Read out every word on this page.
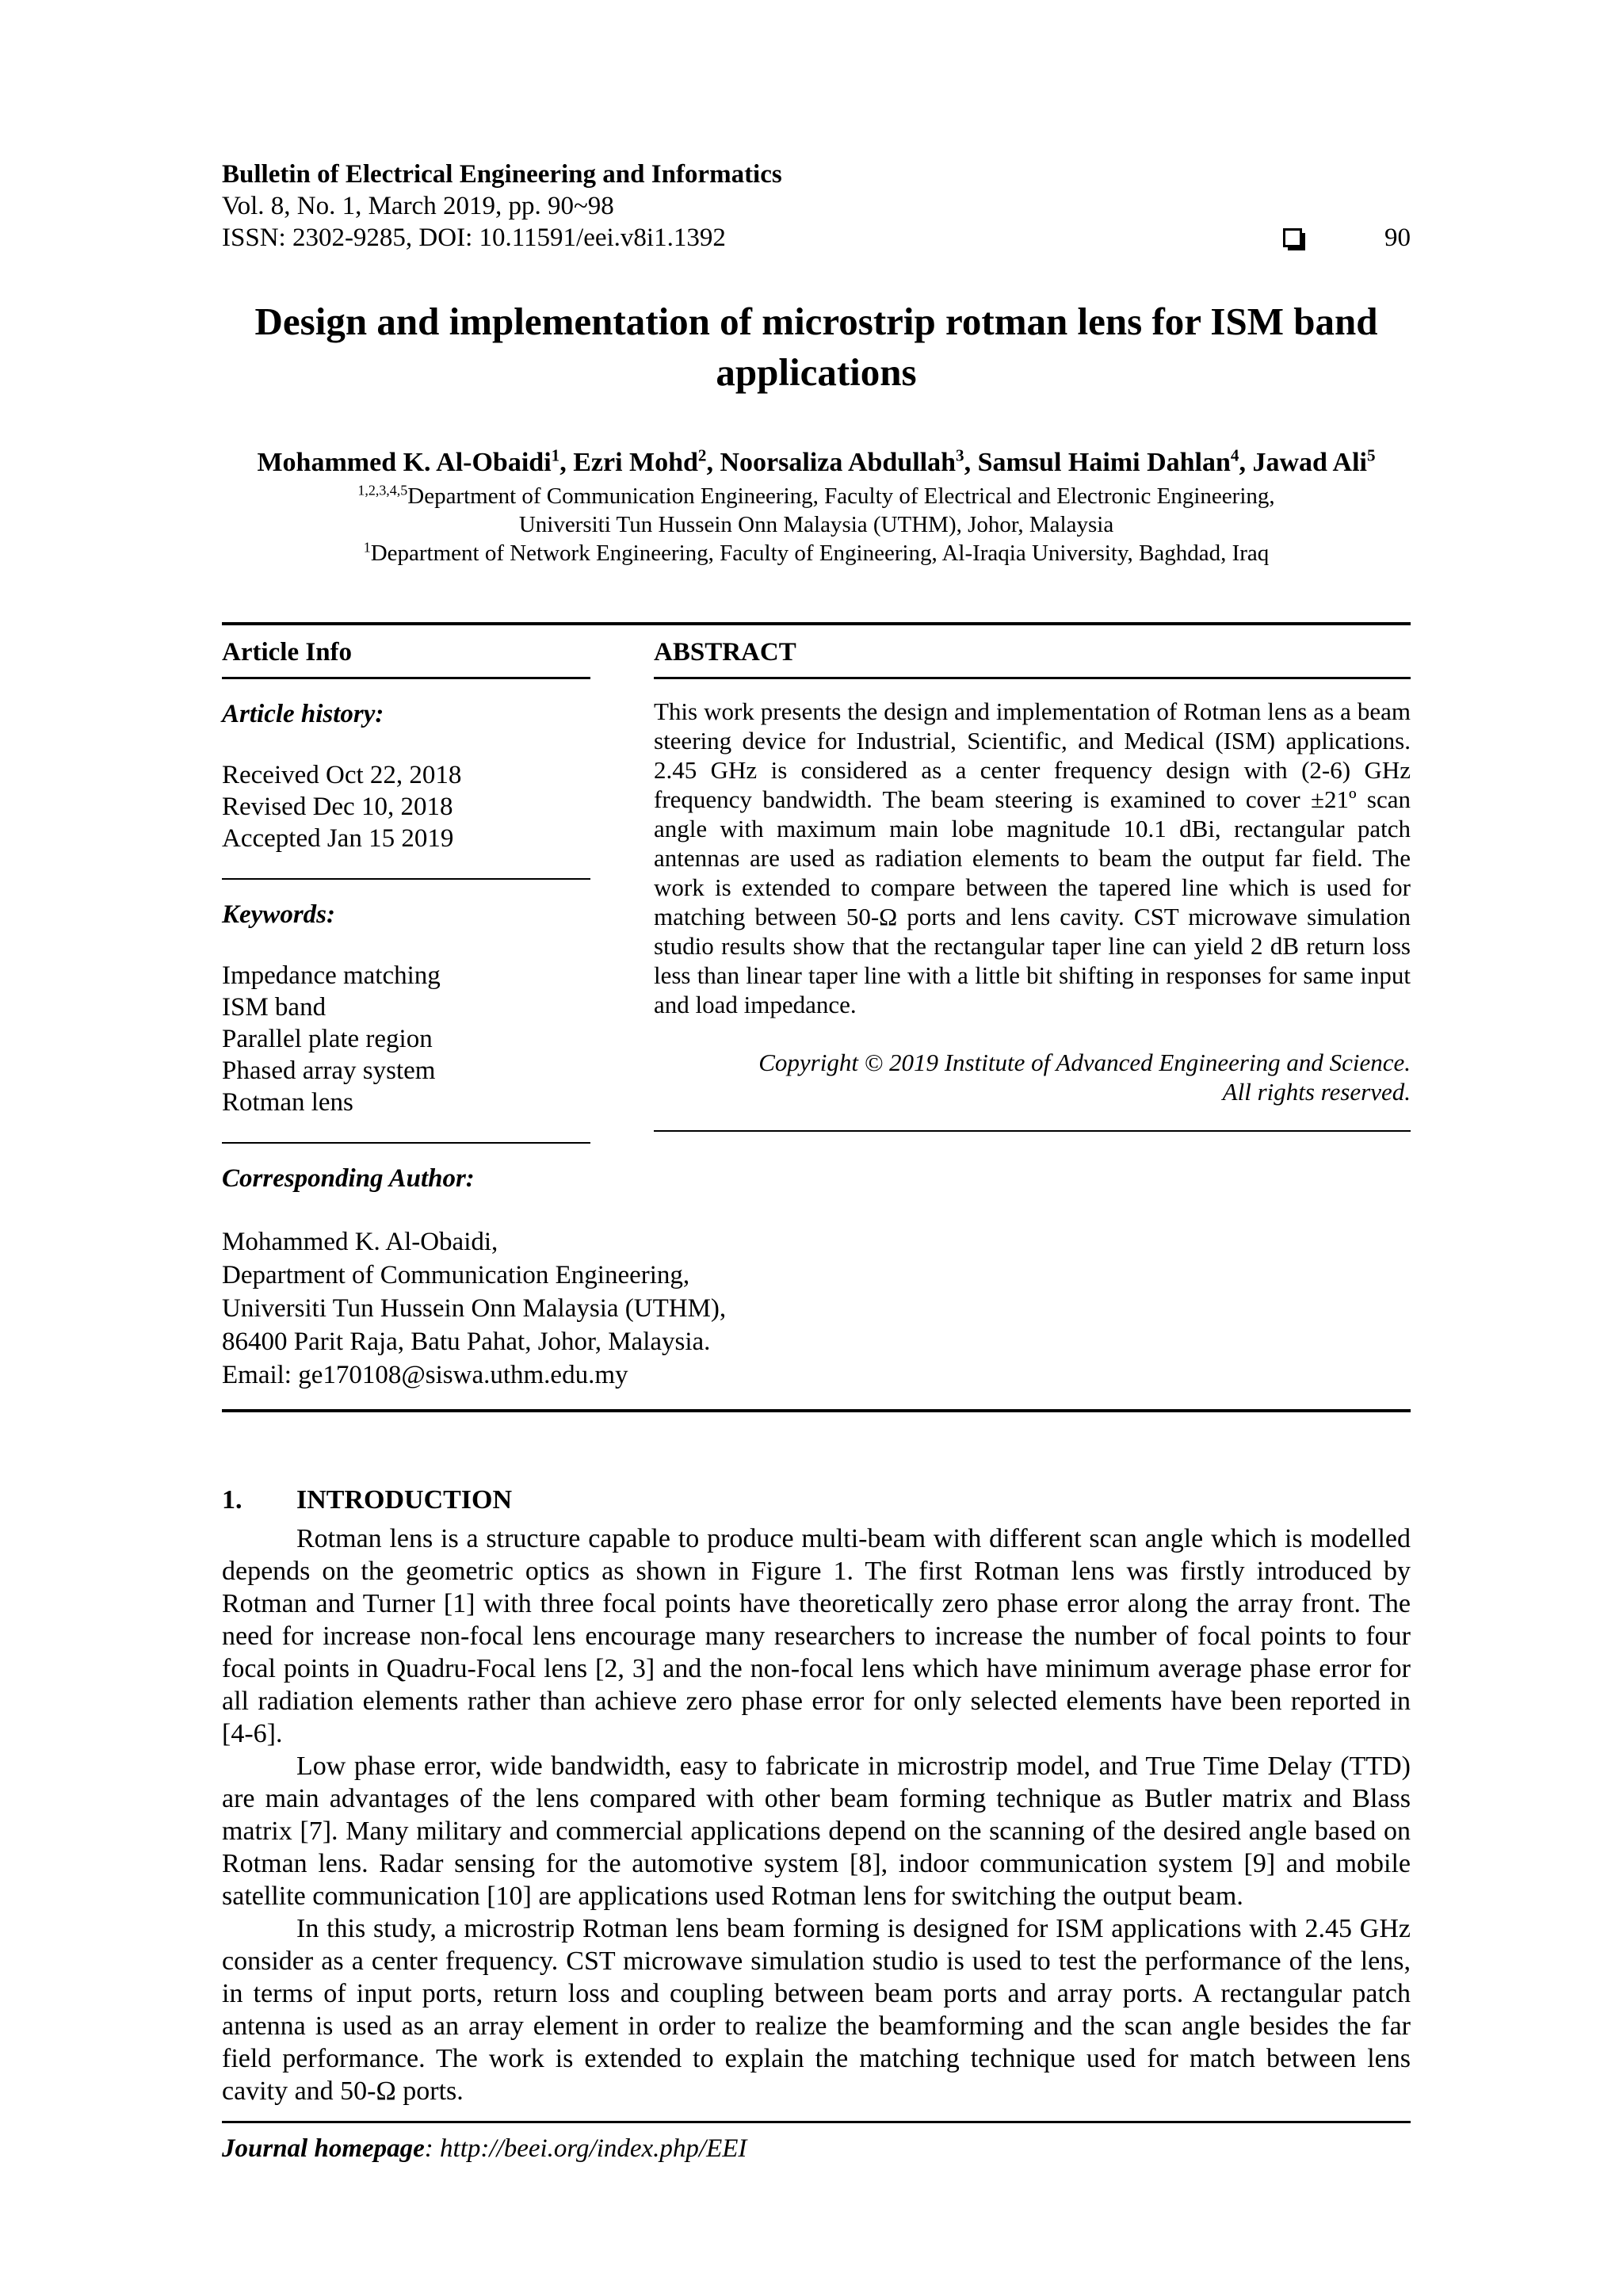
Bulletin of Electrical Engineering and Informatics
Vol. 8, No. 1, March 2019, pp. 90~98
ISSN: 2302-9285, DOI: 10.11591/eei.v8i1.1392	90
Design and implementation of microstrip rotman lens for ISM band applications

Mohammed K. Al-Obaidi$^1$, Ezri Mohd$^2$, Noorsaliza Abdullah$^3$, Samsul Haimi Dahlan$^4$, Jawad Ali$^5$

$^{1,2,3,4,5}$Department of Communication Engineering, Faculty of Electrical and Electronic Engineering,

Universiti Tun Hussein Onn Malaysia (UTHM), Johor, Malaysia

$^1$Department of Network Engineering, Faculty of Engineering, Al-Iraqia University, Baghdad, Iraq

Article Info
Article history:
Received Oct 22, 2018
Revised Dec 10, 2018
Accepted Jan 15 2019
Keywords:
Impedance matching
ISM band
Parallel plate region
Phased array system
Rotman lens
Corresponding Author:
Mohammed K. Al-Obaidi,
Department of Communication Engineering,
Universiti Tun Hussein Onn Malaysia (UTHM),
86400 Parit Raja, Batu Pahat, Johor, Malaysia.
Email: ge170108@siswa.uthm.edu.my
ABSTRACT

This work presents the design and implementation of Rotman lens as a beam steering device for Industrial, Scientific, and Medical (ISM) applications. 2.45 GHz is considered as a center frequency design with (2-6) GHz frequency bandwidth. The beam steering is examined to cover ±21º scan angle with maximum main lobe magnitude 10.1 dBi, rectangular patch antennas are used as radiation elements to beam the output far field. The work is extended to compare between the tapered line which is used for matching between 50-Ω ports and lens cavity. CST microwave simulation studio results show that the rectangular taper line can yield 2 dB return loss less than linear taper line with a little bit shifting in responses for same input and load impedance.

Copyright © 2019 Institute of Advanced Engineering and Science.
All rights reserved.
1. INTRODUCTION

Rotman lens is a structure capable to produce multi-beam with different scan angle which is modelled depends on the geometric optics as shown in Figure 1. The first Rotman lens was firstly introduced by Rotman and Turner [1] with three focal points have theoretically zero phase error along the array front. The need for increase non-focal lens encourage many researchers to increase the number of focal points to four focal points in Quadru-Focal lens [2, 3] and the non-focal lens which have minimum average phase error for all radiation elements rather than achieve zero phase error for only selected elements have been reported in [4-6].

Low phase error, wide bandwidth, easy to fabricate in microstrip model, and True Time Delay (TTD) are main advantages of the lens compared with other beam forming technique as Butler matrix and Blass matrix [7]. Many military and commercial applications depend on the scanning of the desired angle based on Rotman lens. Radar sensing for the automotive system [8], indoor communication system [9] and mobile satellite communication [10] are applications used Rotman lens for switching the output beam.

In this study, a microstrip Rotman lens beam forming is designed for ISM applications with 2.45 GHz consider as a center frequency. CST microwave simulation studio is used to test the performance of the lens, in terms of input ports, return loss and coupling between beam ports and array ports. A rectangular patch antenna is used as an array element in order to realize the beamforming and the scan angle besides the far field performance. The work is extended to explain the matching technique used for match between lens cavity and 50-Ω ports.

Journal homepage: http://beei.org/index.php/EEI
